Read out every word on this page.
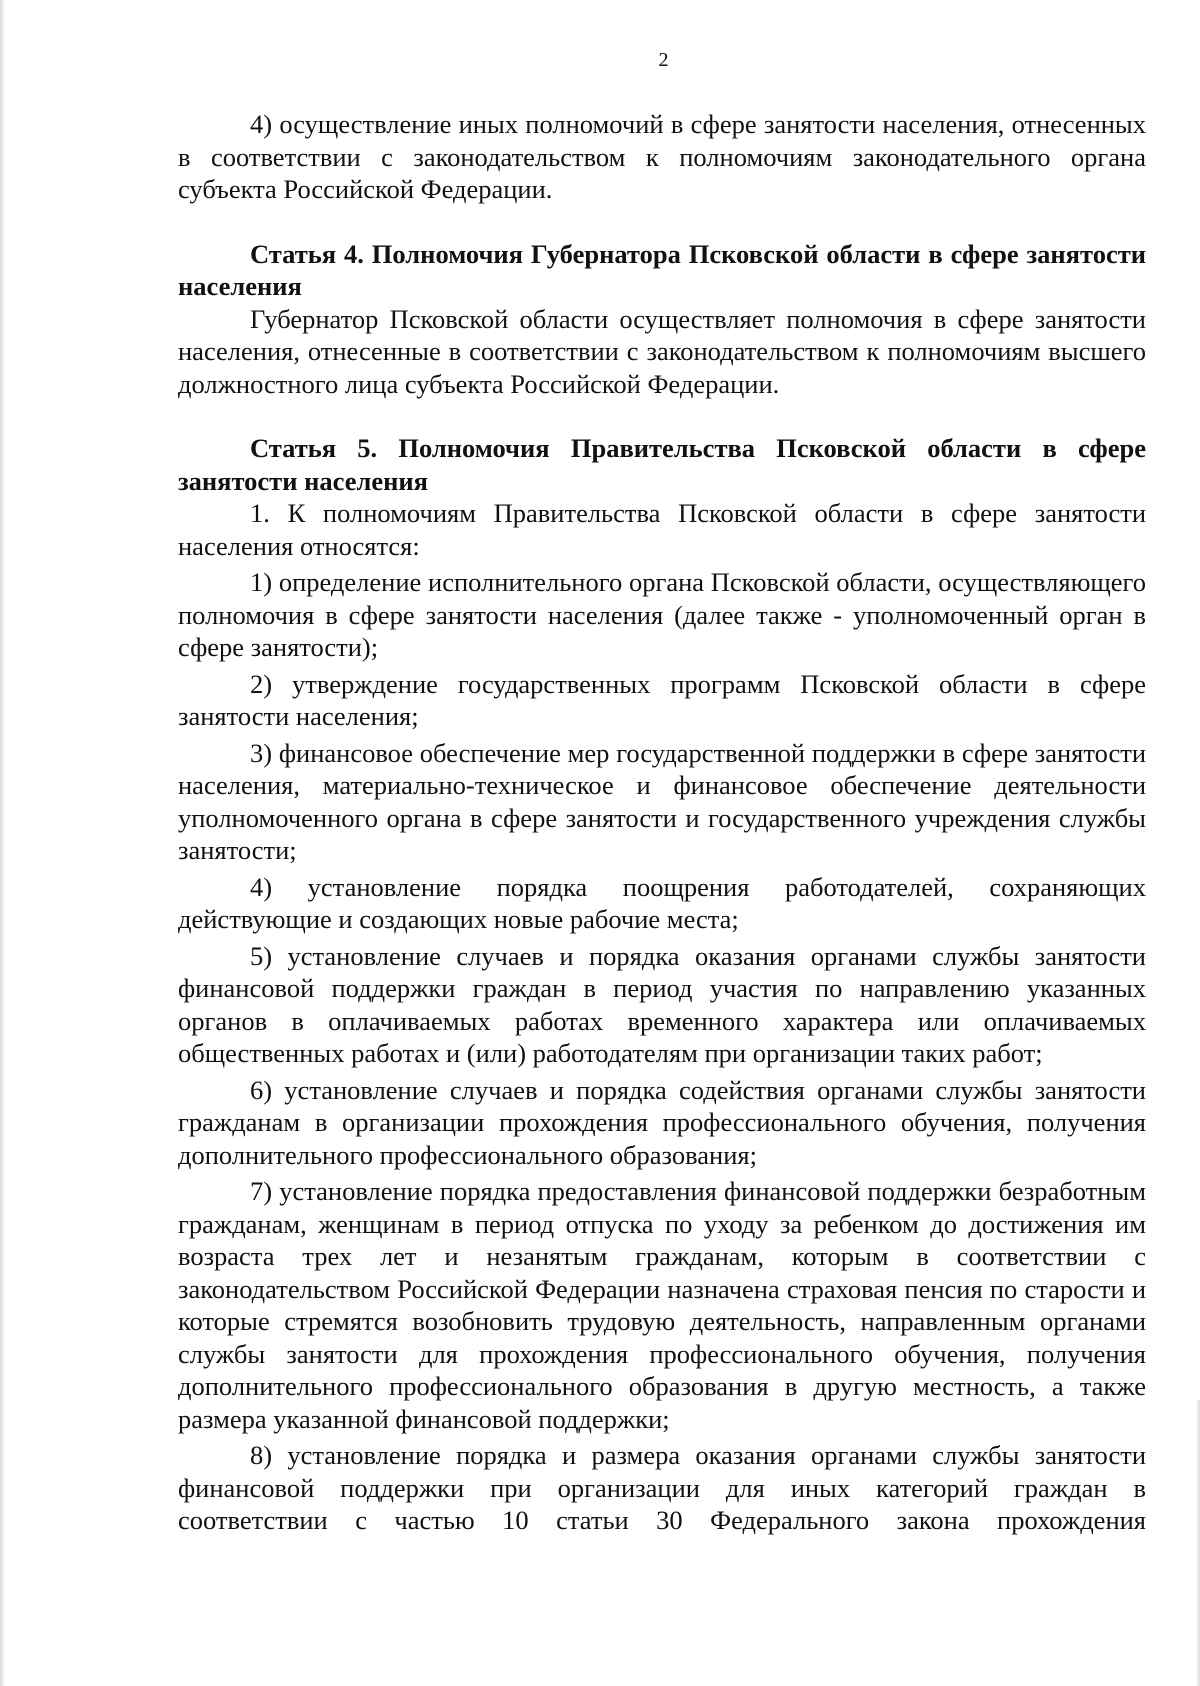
2

4) осуществление иных полномочий в сфере занятости населения, отнесенных в соответствии с законодательством к полномочиям законодательного органа субъекта Российской Федерации.

Статья 4. Полномочия Губернатора Псковской области в сфере занятости населения

Губернатор Псковской области осуществляет полномочия в сфере занятости населения, отнесенные в соответствии с законодательством к полномочиям высшего должностного лица субъекта Российской Федерации.

Статья 5. Полномочия Правительства Псковской области в сфере занятости населения

1. К полномочиям Правительства Псковской области в сфере занятости населения относятся:

1) определение исполнительного органа Псковской области, осуществляющего полномочия в сфере занятости населения (далее также - уполномоченный орган в сфере занятости);

2) утверждение государственных программ Псковской области в сфере занятости населения;

3) финансовое обеспечение мер государственной поддержки в сфере занятости населения, материально-техническое и финансовое обеспечение деятельности уполномоченного органа в сфере занятости и государственного учреждения службы занятости;

4) установление порядка поощрения работодателей, сохраняющих действующие и создающих новые рабочие места;

5) установление случаев и порядка оказания органами службы занятости финансовой поддержки граждан в период участия по направлению указанных органов в оплачиваемых работах временного характера или оплачиваемых общественных работах и (или) работодателям при организации таких работ;

6) установление случаев и порядка содействия органами службы занятости гражданам в организации прохождения профессионального обучения, получения дополнительного профессионального образования;

7) установление порядка предоставления финансовой поддержки безработным гражданам, женщинам в период отпуска по уходу за ребенком до достижения им возраста трех лет и незанятым гражданам, которым в соответствии с законодательством Российской Федерации назначена страховая пенсия по старости и которые стремятся возобновить трудовую деятельность, направленным органами службы занятости для прохождения профессионального обучения, получения дополнительного профессионального образования в другую местность, а также размера указанной финансовой поддержки;

8) установление порядка и размера оказания органами службы занятости финансовой поддержки при организации для иных категорий граждан в соответствии с частью 10 статьи 30 Федерального закона прохождения
